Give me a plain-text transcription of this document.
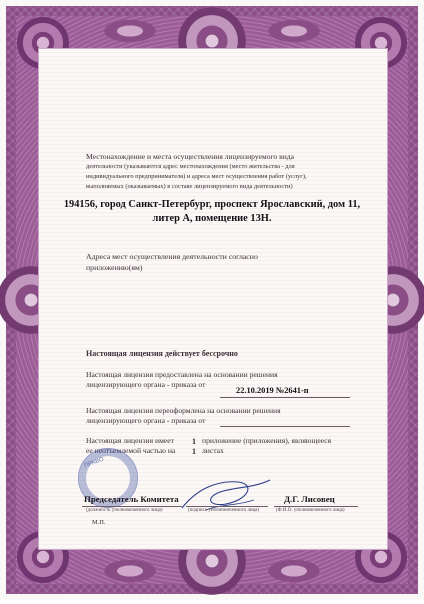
Местонахождение и места осуществления лицензируемого вида
деятельности (указываются адрес местонахождения (место жительства - для
индивидуального предпринимателя) и адреса мест осуществления работ (услуг),
выполняемых (оказываемых) в составе лицензируемого вида деятельности)
194156, город Санкт-Петербург, проспект Ярославский, дом 11,
литер А, помещение 13Н.
Адреса мест осуществления деятельности согласно
приложению(ям)
Настоящая лицензия действует бессрочно
Настоящая лицензия предоставлена на основании решения
лицензирующего органа - приказа от
22.10.2019 №2641-п
Настоящая лицензия переоформлена на основании решения
лицензирующего органа - приказа от
Настоящая лицензия имеет
ее неотъемлемой частью на
1
1
приложение (приложения), являющееся
листах
ПРАВО
Председатель Комитета
(должность уполномоченного лица)	(подпись уполномоченного лица)
Д.Г. Лисовец
(Ф.И.О. уполномоченного лица)
М.П.
